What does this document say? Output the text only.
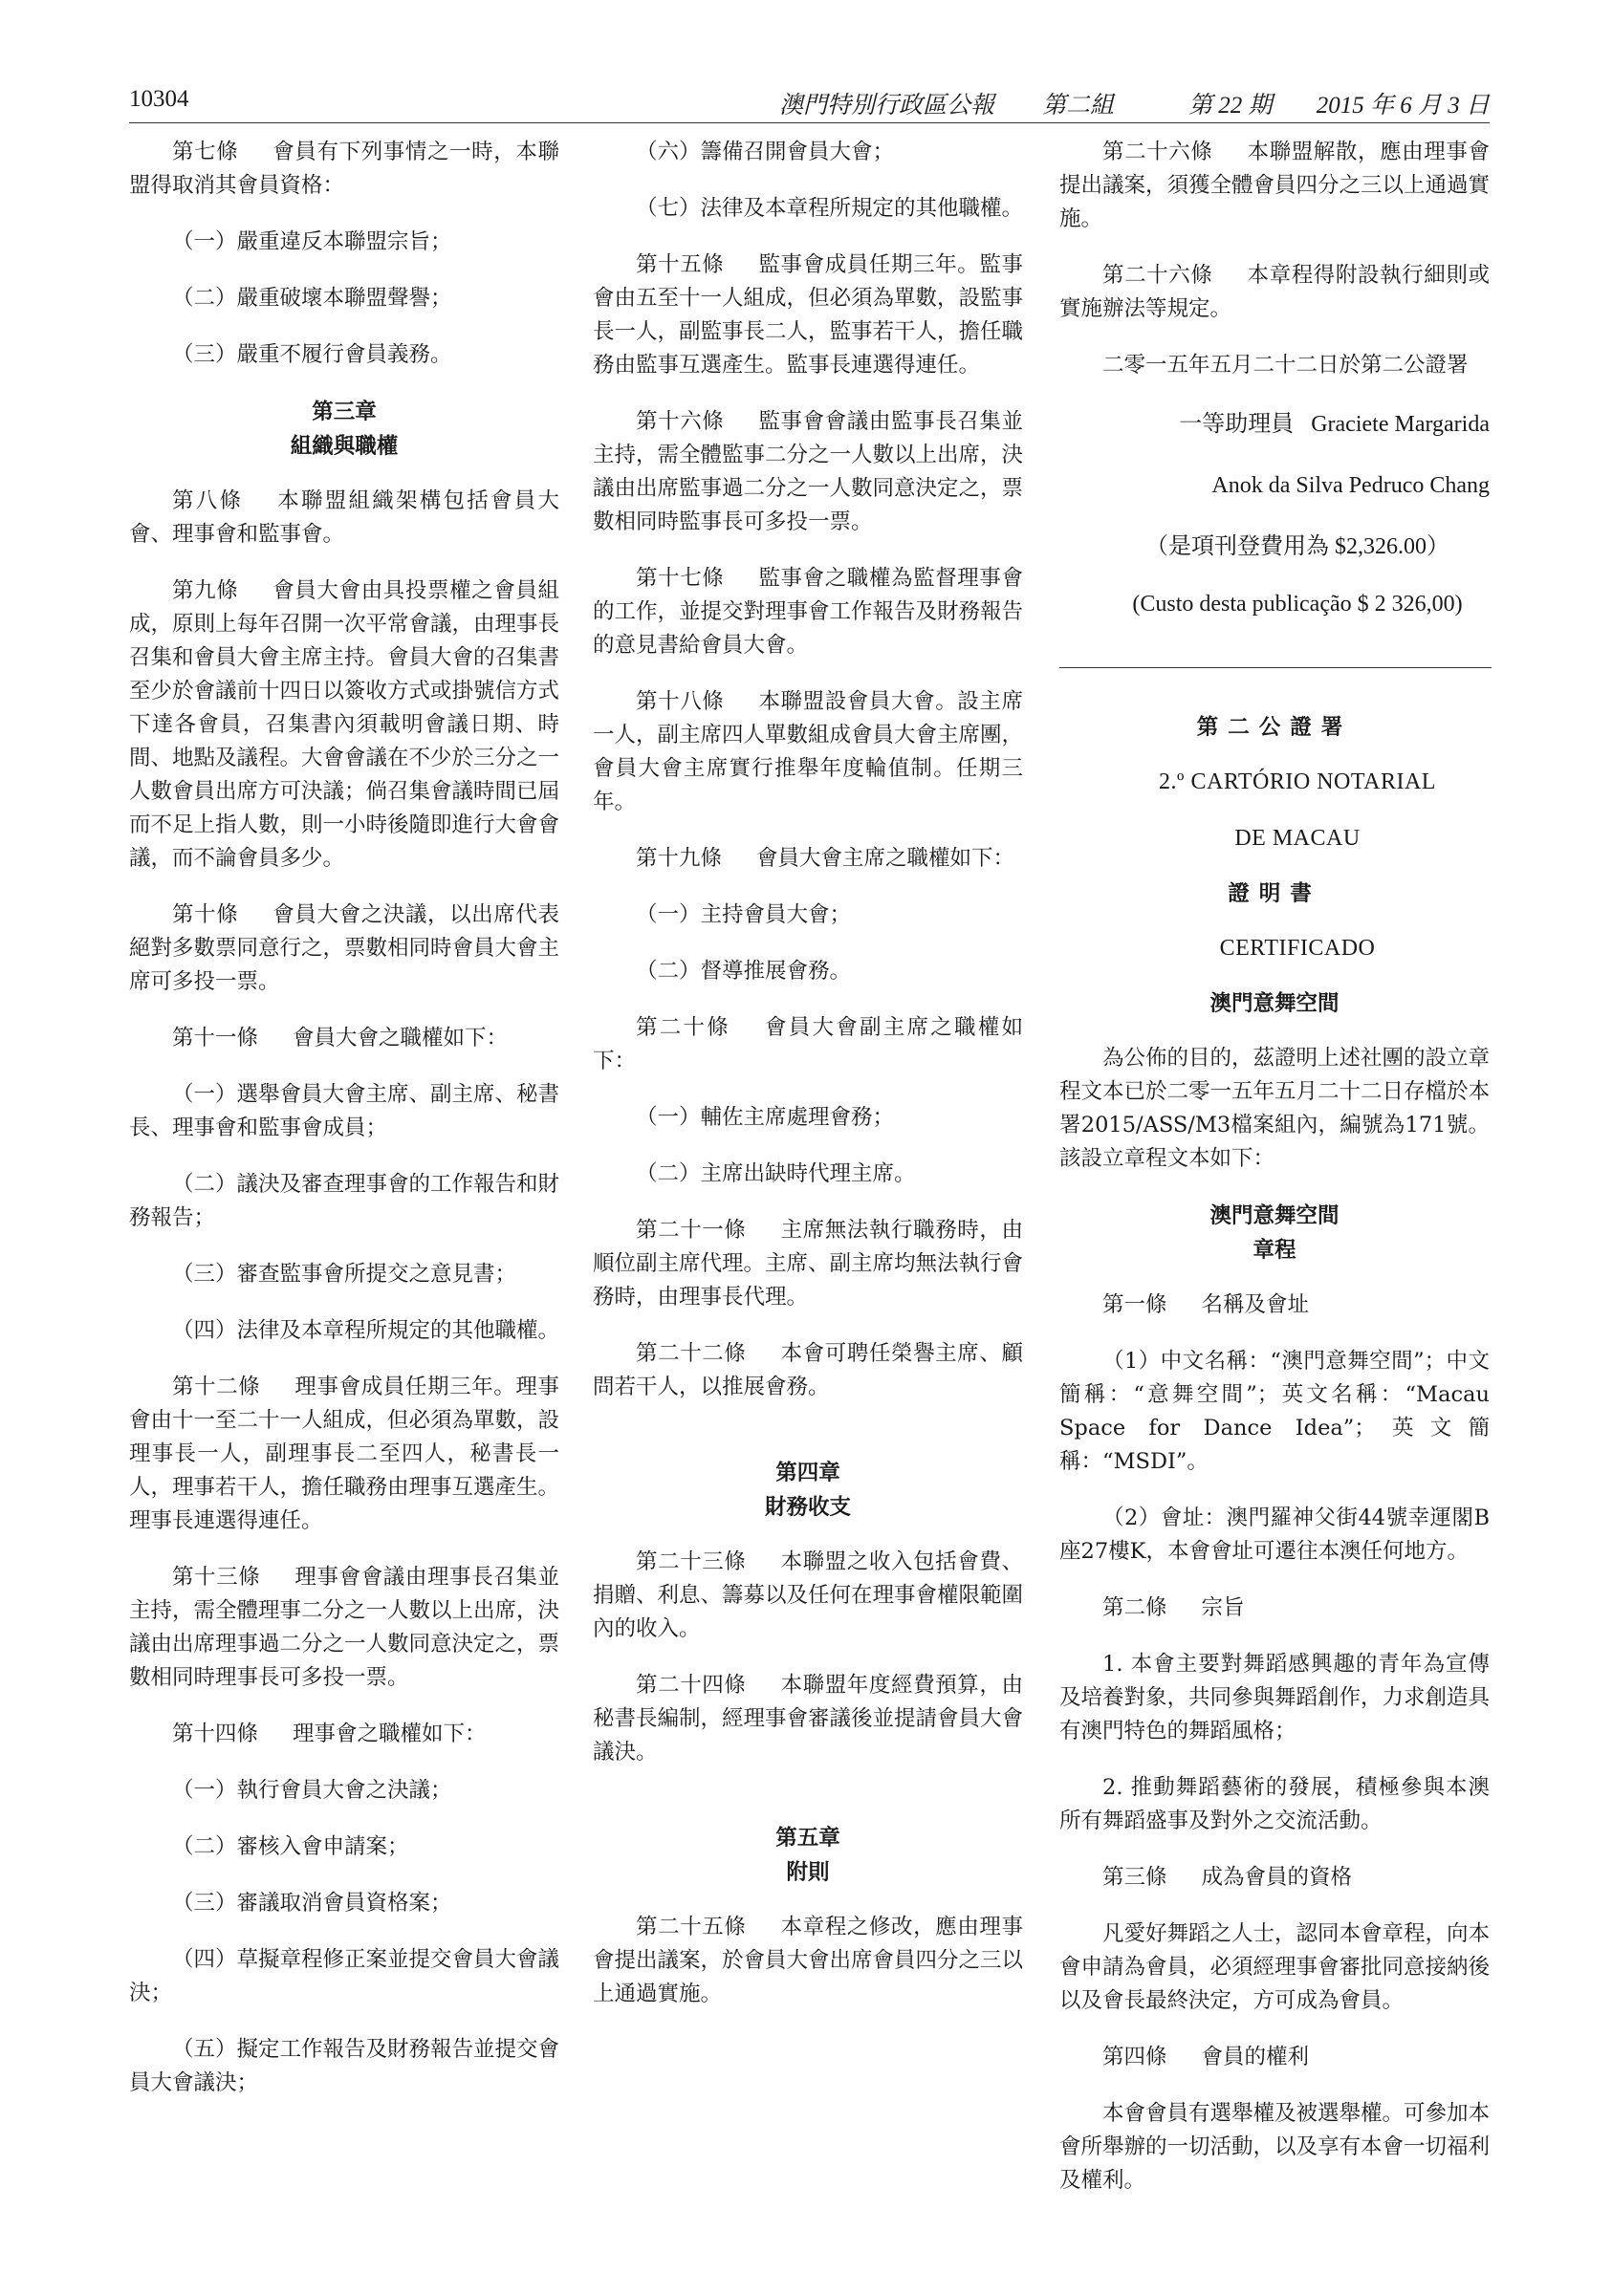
10304	澳門特別行政區公報　　第二組	第 22 期 2015 年 6 月 3 日

第七條 會員有下列事情之一時，本聯盟得取消其會員資格：

（一）嚴重違反本聯盟宗旨；

（二）嚴重破壞本聯盟聲譽；

（三）嚴重不履行會員義務。

第三章
組織與職權

第八條 本聯盟組織架構包括會員大會、理事會和監事會。

第九條 會員大會由具投票權之會員組成，原則上每年召開一次平常會議，由理事長召集和會員大會主席主持。會員大會的召集書至少於會議前十四日以簽收方式或掛號信方式下達各會員，召集書內須載明會議日期、時間、地點及議程。大會會議在不少於三分之一人數會員出席方可決議；倘召集會議時間已屆而不足上指人數，則一小時後隨即進行大會會議，而不論會員多少。

第十條 會員大會之決議，以出席代表絕對多數票同意行之，票數相同時會員大會主席可多投一票。

第十一條 會員大會之職權如下：

（一）選舉會員大會主席、副主席、秘書長、理事會和監事會成員；

（二）議決及審查理事會的工作報告和財務報告；

（三）審查監事會所提交之意見書；

（四）法律及本章程所規定的其他職權。

第十二條 理事會成員任期三年。理事會由十一至二十一人組成，但必須為單數，設理事長一人，副理事長二至四人，秘書長一人，理事若干人，擔任職務由理事互選產生。理事長連選得連任。

第十三條 理事會會議由理事長召集並主持，需全體理事二分之一人數以上出席，決議由出席理事過二分之一人數同意決定之，票數相同時理事長可多投一票。

第十四條 理事會之職權如下：

（一）執行會員大會之決議；

（二）審核入會申請案；

（三）審議取消會員資格案；

（四）草擬章程修正案並提交會員大會議決；

（五）擬定工作報告及財務報告並提交會員大會議決；

（六）籌備召開會員大會；

（七）法律及本章程所規定的其他職權。

第十五條 監事會成員任期三年。監事會由五至十一人組成，但必須為單數，設監事長一人，副監事長二人，監事若干人，擔任職務由監事互選產生。監事長連選得連任。

第十六條 監事會會議由監事長召集並主持，需全體監事二分之一人數以上出席，決議由出席監事過二分之一人數同意決定之，票數相同時監事長可多投一票。

第十七條 監事會之職權為監督理事會的工作，並提交對理事會工作報告及財務報告的意見書給會員大會。

第十八條 本聯盟設會員大會。設主席一人，副主席四人單數組成會員大會主席團，會員大會主席實行推舉年度輪值制。任期三年。

第十九條 會員大會主席之職權如下：

（一）主持會員大會；

（二）督導推展會務。

第二十條 會員大會副主席之職權如下：

（一）輔佐主席處理會務；

（二）主席出缺時代理主席。

第二十一條 主席無法執行職務時，由順位副主席代理。主席、副主席均無法執行會務時，由理事長代理。

第二十二條 本會可聘任榮譽主席、顧問若干人，以推展會務。

第四章
財務收支

第二十三條 本聯盟之收入包括會費、捐贈、利息、籌募以及任何在理事會權限範圍內的收入。

第二十四條 本聯盟年度經費預算，由秘書長編制，經理事會審議後並提請會員大會議決。

第五章
附則

第二十五條 本章程之修改，應由理事會提出議案，於會員大會出席會員四分之三以上通過實施。

第二十六條 本聯盟解散，應由理事會提出議案，須獲全體會員四分之三以上通過實施。

第二十六條 本章程得附設執行細則或實施辦法等規定。

二零一五年五月二十二日於第二公證署

一等助理員 Graciete Margarida

Anok da Silva Pedruco Chang

（是項刊登費用為 $2,326.00）

(Custo desta publicação $ 2 326,00)

第二公證署

2.º CARTÓRIO NOTARIAL

DE MACAU

證明書

CERTIFICADO

澳門意舞空間

為公佈的目的，茲證明上述社團的設立章程文本已於二零一五年五月二十二日存檔於本署2015/ASS/M3檔案組內，編號為171號。該設立章程文本如下：

澳門意舞空間
章程

第一條 名稱及會址

（1）中文名稱：“澳門意舞空間”；中文簡稱：“意舞空間”；英文名稱：“Macau Space for Dance Idea”；英文簡稱：“MSDI”。

（2）會址：澳門羅神父街44號幸運閣B座27樓K，本會會址可遷往本澳任何地方。

第二條 宗旨

1. 本會主要對舞蹈感興趣的青年為宣傳及培養對象，共同參與舞蹈創作，力求創造具有澳門特色的舞蹈風格；

2. 推動舞蹈藝術的發展，積極參與本澳所有舞蹈盛事及對外之交流活動。

第三條 成為會員的資格

凡愛好舞蹈之人士，認同本會章程，向本會申請為會員，必須經理事會審批同意接納後以及會長最終決定，方可成為會員。

第四條 會員的權利

本會會員有選舉權及被選舉權。可參加本會所舉辦的一切活動，以及享有本會一切福利及權利。
